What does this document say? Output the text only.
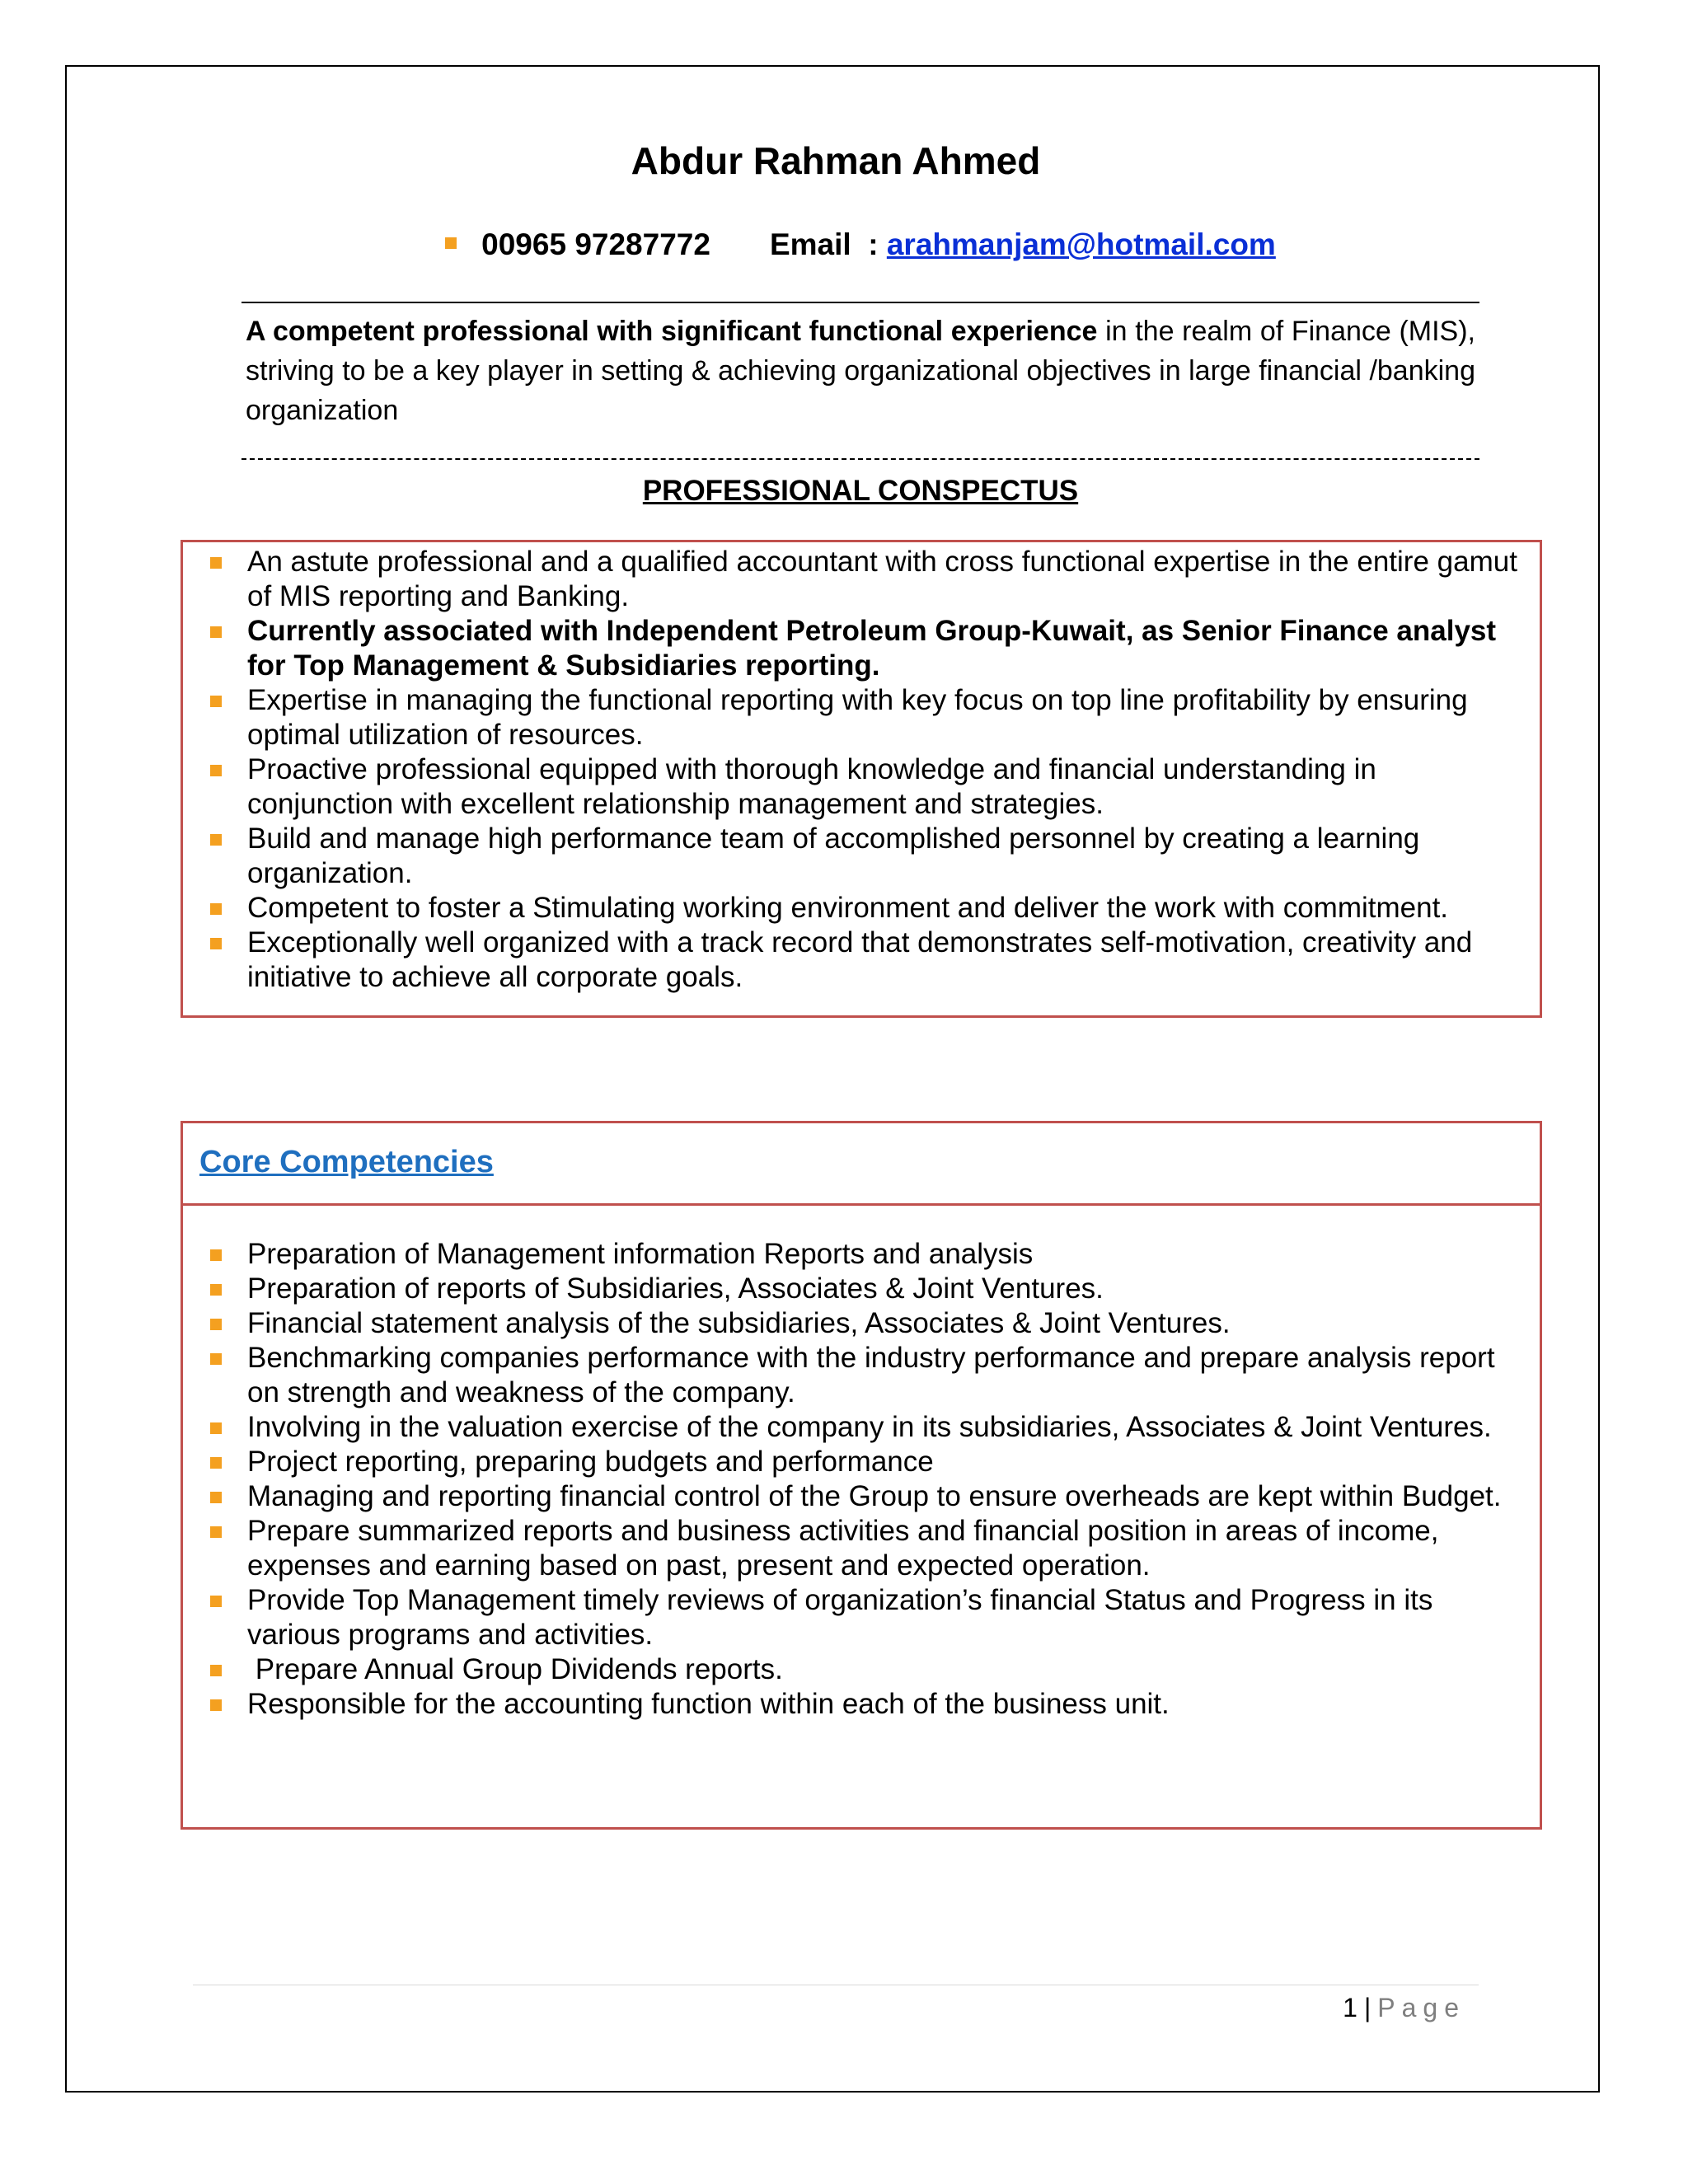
Abdur Rahman Ahmed
00965 97287772 Email  : arahmanjam@hotmail.com
A competent professional with significant functional experience in the realm of Finance (MIS), striving to be a key player in setting & achieving organizational objectives in large financial /banking organization
PROFESSIONAL CONSPECTUS
An astute professional and a qualified accountant with cross functional expertise in the entire gamut of MIS reporting and Banking.
Currently associated with Independent Petroleum Group-Kuwait, as Senior Finance analyst for Top Management & Subsidiaries reporting.
Expertise in managing the functional reporting with key focus on top line profitability by ensuring optimal utilization of resources.
Proactive professional equipped with thorough knowledge and financial understanding in conjunction with excellent relationship management and strategies.
Build and manage high performance team of accomplished personnel by creating a learning organization.
Competent to foster a Stimulating working environment and deliver the work with commitment.
Exceptionally well organized with a track record that demonstrates self-motivation, creativity and initiative to achieve all corporate goals.
Core Competencies
Preparation of Management information Reports and analysis
Preparation of reports of Subsidiaries, Associates & Joint Ventures.
Financial statement analysis of the subsidiaries, Associates & Joint Ventures.
Benchmarking companies performance with the industry performance and prepare analysis report on strength and weakness of the company.
Involving in the valuation exercise of the company in its subsidiaries, Associates & Joint Ventures.
Project reporting, preparing budgets and performance
Managing and reporting financial control of the Group to ensure overheads are kept within Budget.
Prepare summarized reports and business activities and financial position in areas of income, expenses and earning based on past, present and expected operation.
Provide Top Management timely reviews of organization’s financial Status and Progress in its various programs and activities.
Prepare Annual Group Dividends reports.
Responsible for the accounting function within each of the business unit.
1 | Page
